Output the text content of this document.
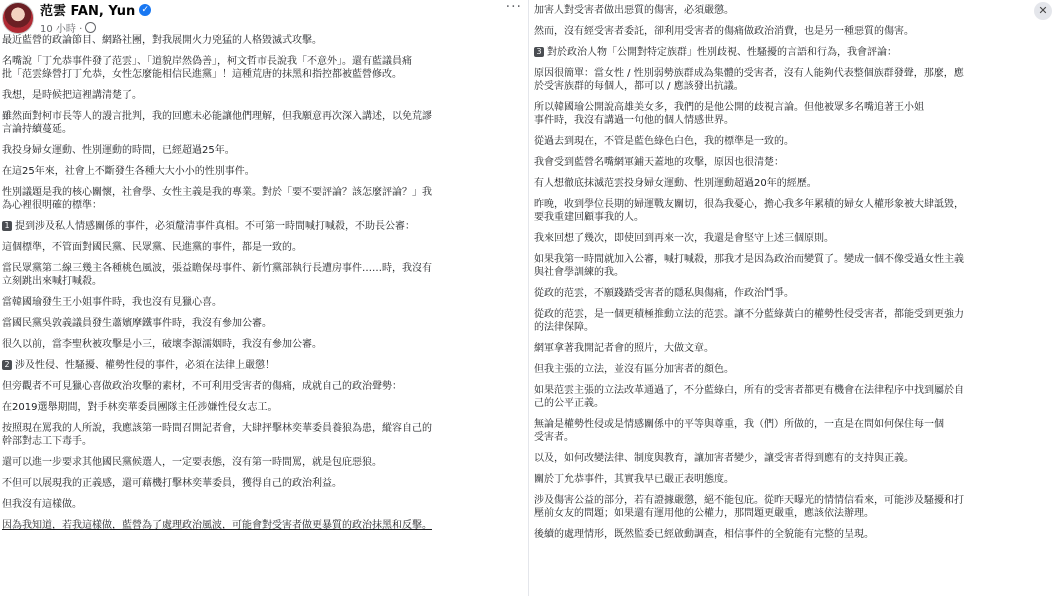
范雲 FAN, Yun ✓
10 小時 ·
···
最近藍營的政論節目、網路社團，對我展開火力兇猛的人格毀滅式攻擊。
名嘴說「丁允恭事件發了范雲」、「道貌岸然偽善」，柯文哲市長說我「不意外」。還有藍議員痛
批「范雲綠營打丁允恭，女性怎麼能相信民進黨」！這種荒唐的抹黑和指控都被藍營修改。
我想，是時候把這裡講清楚了。
雖然面對柯市長等人的謾言批判，我的回應未必能讓他們理解，但我願意再次深入講述，以免荒謬
言論持續蔓延。
我投身婦女運動、性別運動的時間，已經超過25年。
在這25年來，社會上不斷發生各種大大小小的性別事件。
性別議題是我的核心關懷，社會學、女性主義是我的專業。對於「要不要評論？該怎麼評論？」我
為心裡很明確的標準：
1 提到涉及私人情感關係的事件，必須釐清事件真相。不可第一時間喊打喊殺，不助長公審：
這個標準，不管面對國民黨、民眾黨、民進黨的事件，都是一致的。
當民眾黨第二線三幾主各種桃色風波，張益瞻保母事件、新竹黨部執行長遭房事件……時，我沒有
立刻跳出來喊打喊殺。
當韓國瑜發生王小姐事件時，我也沒有見獵心喜。
當國民黨吳敦義議員發生蕭嬪摩鐵事件時，我沒有參加公審。
很久以前，當李聖秋被攻擊是小三，破壞李源濡姻時，我沒有參加公審。
2 涉及性侵、性騷擾、權勢性侵的事件，必須在法律上嚴懲！
但旁觀者不可見獵心喜做政治攻擊的素材，不可利用受害者的傷痛，成就自己的政治聲勢：
在2019選舉期間，對手林奕華委員團隊主任涉嫌性侵女志工。
按照現在罵我的人所說，我應該第一時間召開記者會，大肆抨擊林奕華委員養狼為患，縱容自己的
幹部對志工下毒手。
還可以進一步要求其他國民黨候選人，一定要表態，沒有第一時間罵，就是包庇惡狼。
不但可以展現我的正義感，還可藉機打擊林奕華委員，獲得自己的政治利益。
但我沒有這樣做。
因為我知道，若我這樣做，藍營為了處理政治風波，可能會對受害者做更暴質的政治抹黑和反擊。
加害人對受害者做出惡質的傷害，必須嚴懲。
然而，沒有經受害者委託，卻利用受害者的傷痛做政治消費，也是另一種惡質的傷害。
3 對於政治人物「公開對特定族群」性別歧視、性騷擾的言語和行為，我會評論：
原因很簡單：當女性 / 性別弱勢族群成為集體的受害者，沒有人能夠代表整個族群發聲，那麼，應
於受害族群的每個人，都可以 / 應該發出抗議。
所以韓國瑜公開說高雄美女多，我們的是他公開的歧視言論。但他被眾多名嘴追著王小姐
事件時，我沒有講過一句他的個人情感世界。
從過去到現在，不管是藍色綠色白色，我的標準是一致的。
我會受到藍營名嘴網軍鋪天蓋地的攻擊，原因也很清楚：
有人想徹底抹滅范雲投身婦女運動、性別運動超過20年的經歷。
昨晚，收到學位長期的婦運戰友關切，很為我憂心，擔心我多年累積的婦女人權形象被大肆詆毀，
要我重建回顧事我的人。
我來回想了幾次，即使回到再來一次，我還是會堅守上述三個原則。
如果我第一時間就加入公審，喊打喊殺，那我才是因為政治而變質了。變成一個不像受過女性主義
與社會學訓練的我。
從政的范雲，不願踐踏受害者的隱私與傷痛，作政治鬥爭。
從政的范雲，是一個更積極推動立法的范雲。讓不分藍綠黃白的權勢性侵受害者，都能受到更強力
的法律保障。
網軍拿著我開記者會的照片，大做文章。
但我主張的立法，並沒有區分加害者的顏色。
如果范雲主張的立法改革通過了，不分藍綠白，所有的受害者都更有機會在法律程序中找到屬於自
己的公平正義。
無論是權勢性侵或是情感關係中的平等與尊重，我（們）所做的，一直是在問如何保住每一個
受害者。
以及，如何改變法律、制度與教育，讓加害者變少，讓受害者得到應有的支持與正義。
關於丁允恭事件，其實我早已嚴正表明態度。
涉及傷害公益的部分，若有證據嚴懲，絕不能包庇。從昨天曝光的情情信看來，可能涉及騷擾和打
壓前女友的問題；如果還有運用他的公權力，那問題更嚴重，應該依法辦理。
後續的處理情形，既然監委已經啟動調查，相信事件的全貌能有完整的呈現。
✕
